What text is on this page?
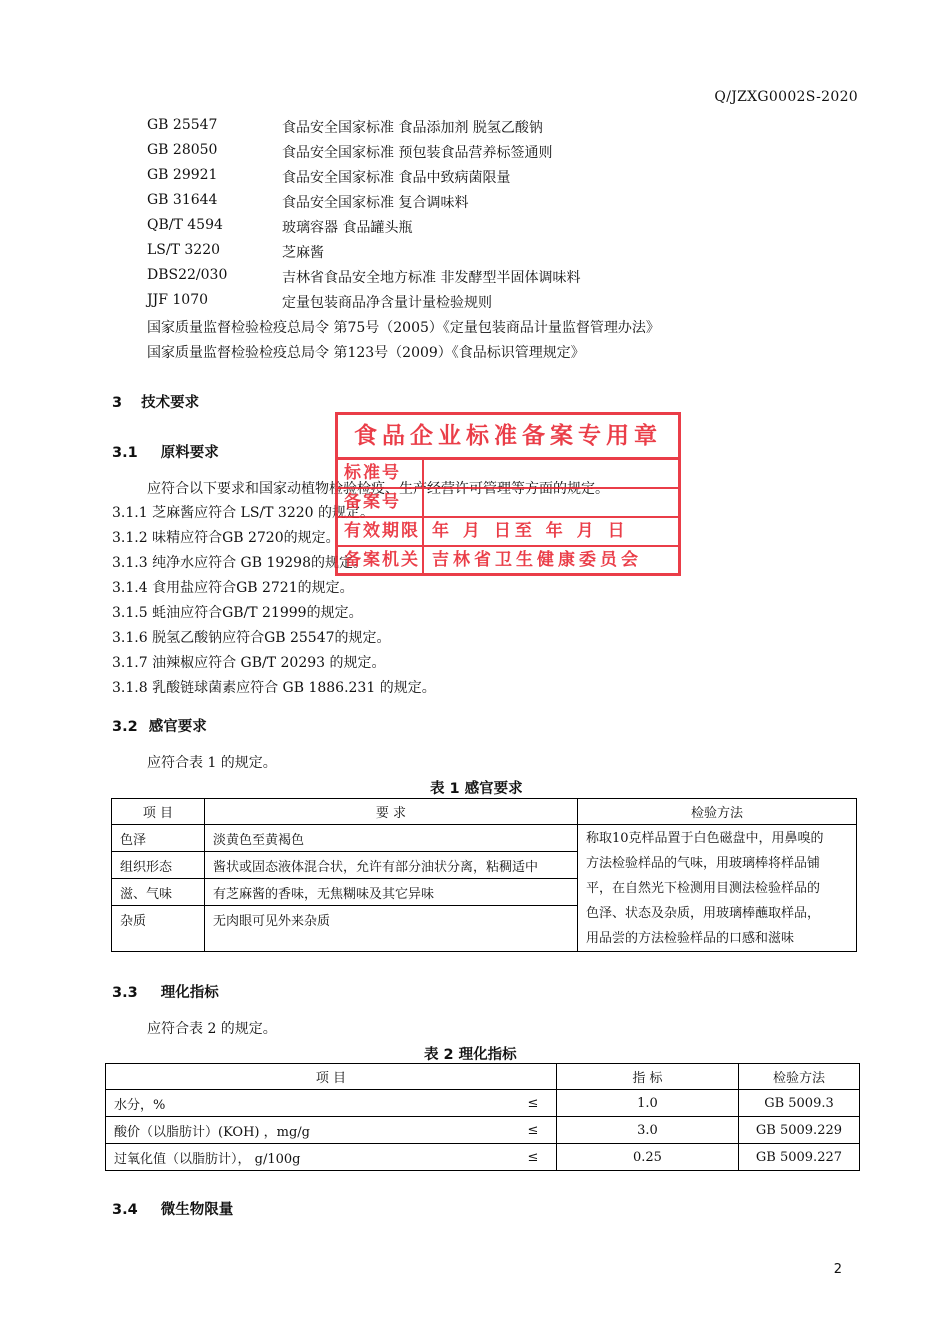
Q/JZXG0002S-2020
GB 25547	食品安全国家标准 食品添加剂 脱氢乙酸钠
GB 28050	食品安全国家标准 预包装食品营养标签通则
GB 29921	食品安全国家标准 食品中致病菌限量
GB 31644	食品安全国家标准 复合调味料
QB/T 4594	玻璃容器 食品罐头瓶
LS/T 3220	芝麻酱
DBS22/030	吉林省食品安全地方标准 非发酵型半固体调味料
JJF 1070	定量包装商品净含量计量检验规则
国家质量监督检验检疫总局令 第75号（2005）《定量包装商品计量监督管理办法》
国家质量监督检验检疫总局令 第123号（2009）《食品标识管理规定》
3 技术要求
3.1 原料要求
应符合以下要求和国家动植物检验检疫、生产经营许可管理等方面的规定。
3.1.1 芝麻酱应符合 LS/T 3220 的规定。
3.1.2 味精应符合GB 2720的规定。
3.1.3 纯净水应符合 GB 19298的规定。
3.1.4 食用盐应符合GB 2721的规定。
3.1.5 蚝油应符合GB/T 21999的规定。
3.1.6 脱氢乙酸钠应符合GB 25547的规定。
3.1.7 油辣椒应符合 GB/T 20293 的规定。
3.1.8 乳酸链球菌素应符合 GB 1886.231 的规定。
食品企业标准备案专用章
标准号
备案号
有效期限 年 月 日至 年 月 日
备案机关 吉林省卫生健康委员会
3.2 感官要求
应符合表 1 的规定。
表 1 感官要求
项 目	要 求	检验方法
色泽	淡黄色至黄褐色	称取10克样品置于白色磁盘中，用鼻嗅的
方法检验样品的气味，用玻璃棒将样品铺
平，在自然光下检测用目测法检验样品的
色泽、状态及杂质，用玻璃棒蘸取样品，
用品尝的方法检验样品的口感和滋味

组织形态	酱状或固态液体混合状，允许有部分油状分离，粘稠适中	
滋、气味	有芝麻酱的香味，无焦糊味及其它异味	
杂质	无肉眼可见外来杂质	
3.3 理化指标
应符合表 2 的规定。
表 2 理化指标
项 目		指 标	检验方法
水分，%	≤	1.0	GB 5009.3
酸价（以脂肪计）(KOH) ，mg/g	≤	3.0	GB 5009.229
过氧化值（以脂肪计）， g/100g	≤	0.25	GB 5009.227
3.4 微生物限量
2
